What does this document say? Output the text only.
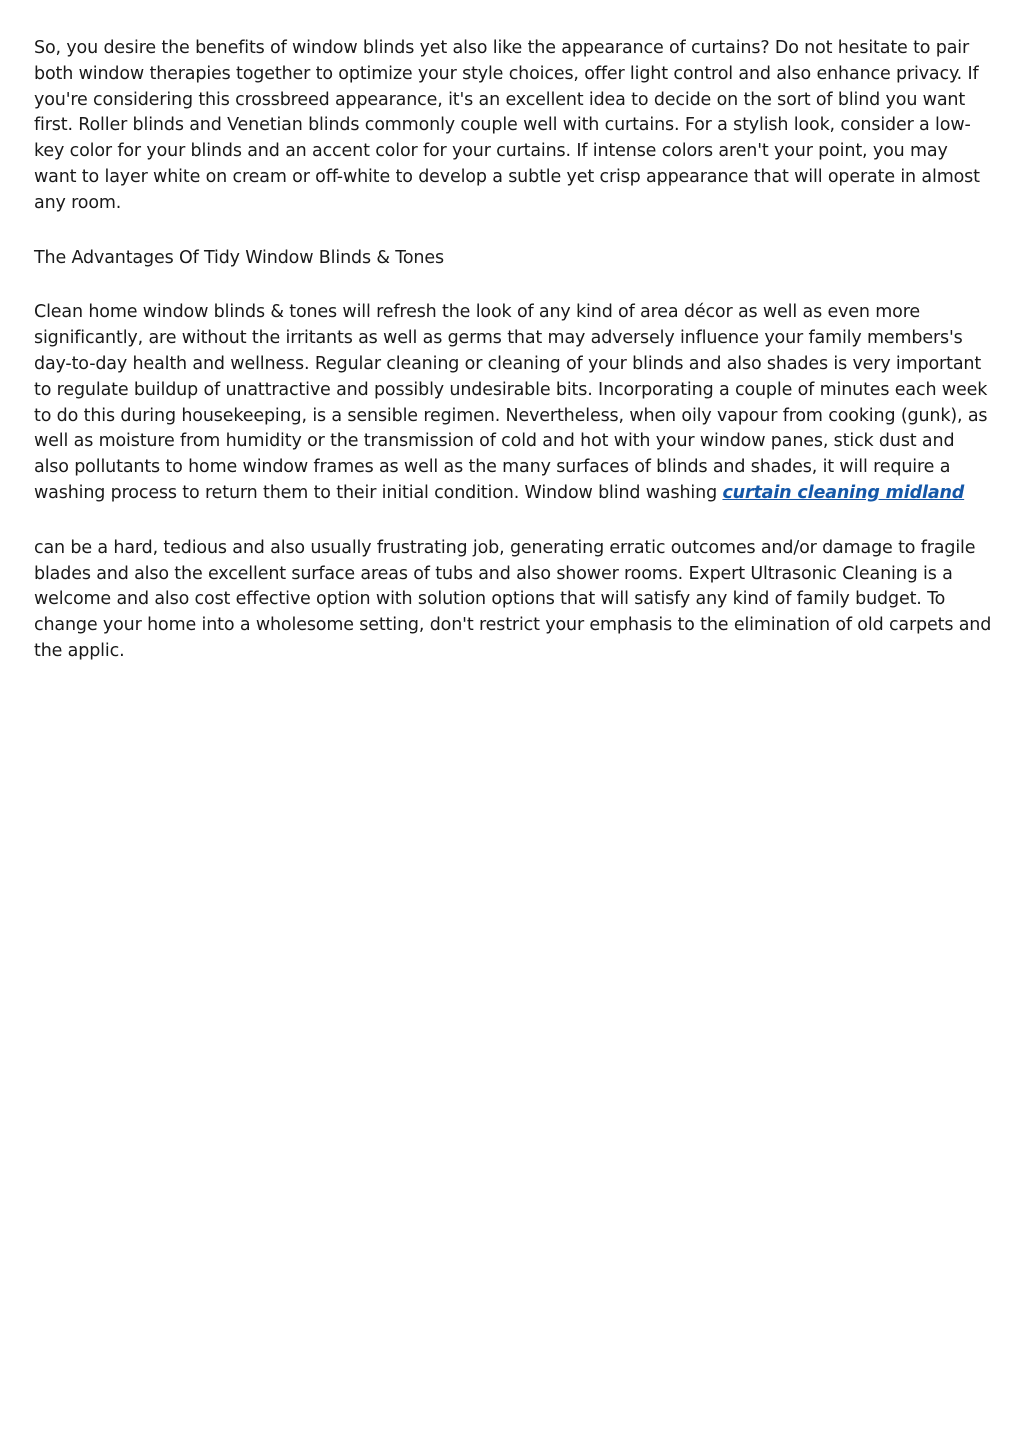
So, you desire the benefits of window blinds yet also like the appearance of curtains? Do not hesitate to pair both window therapies together to optimize your style choices, offer light control and also enhance privacy. If you're considering this crossbreed appearance, it's an excellent idea to decide on the sort of blind you want first. Roller blinds and Venetian blinds commonly couple well with curtains. For a stylish look, consider a low-key color for your blinds and an accent color for your curtains. If intense colors aren't your point, you may want to layer white on cream or off-white to develop a subtle yet crisp appearance that will operate in almost any room.

The Advantages Of Tidy Window Blinds & Tones

Clean home window blinds & tones will refresh the look of any kind of area décor as well as even more significantly, are without the irritants as well as germs that may adversely influence your family members's day-to-day health and wellness. Regular cleaning or cleaning of your blinds and also shades is very important to regulate buildup of unattractive and possibly undesirable bits. Incorporating a couple of minutes each week to do this during housekeeping, is a sensible regimen. Nevertheless, when oily vapour from cooking (gunk), as well as moisture from humidity or the transmission of cold and hot with your window panes, stick dust and also pollutants to home window frames as well as the many surfaces of blinds and shades, it will require a washing process to return them to their initial condition. Window blind washing curtain cleaning midland

can be a hard, tedious and also usually frustrating job, generating erratic outcomes and/or damage to fragile blades and also the excellent surface areas of tubs and also shower rooms. Expert Ultrasonic Cleaning is a welcome and also cost effective option with solution options that will satisfy any kind of family budget. To change your home into a wholesome setting, don't restrict your emphasis to the elimination of old carpets and the applic.
